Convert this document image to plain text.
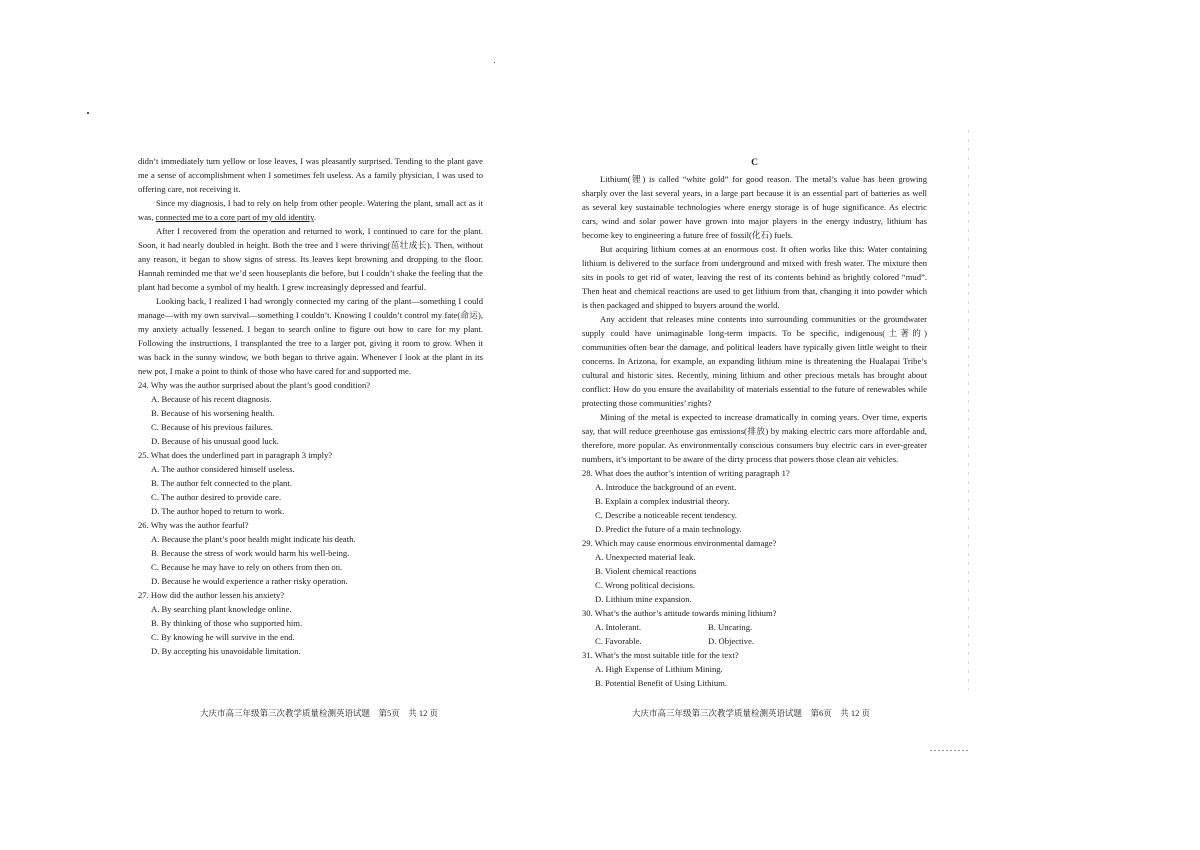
didn’t immediately turn yellow or lose leaves, I was pleasantly surprised. Tending to the plant gave me a sense of accomplishment when I sometimes felt useless. As a family physician, I was used to offering care, not receiving it.

Since my diagnosis, I had to rely on help from other people. Watering the plant, small act as it was, connected me to a core part of my old identity.

After I recovered from the operation and returned to work, I continued to care for the plant. Soon, it had nearly doubled in height. Both the tree and I were thriving(茁壮成长). Then, without any reason, it began to show signs of stress. Its leaves kept browning and dropping to the floor. Hannah reminded me that we’d seen houseplants die before, but I couldn’t shake the feeling that the plant had become a symbol of my health. I grew increasingly depressed and fearful.

Looking back, I realized I had wrongly connected my caring of the plant—something I could manage—with my own survival—something I couldn’t. Knowing I couldn’t control my fate(命运), my anxiety actually lessened. I began to search online to figure out how to care for my plant. Following the instructions, I transplanted the tree to a larger pot, giving it room to grow. When it was back in the sunny window, we both began to thrive again. Whenever I look at the plant in its new pot, I make a point to think of those who have cared for and supported me.

24. Why was the author surprised about the plant’s good condition?

A. Because of his recent diagnosis.

B. Because of his worsening health.

C. Because of his previous failures.

D. Because of his unusual good luck.

25. What does the underlined part in paragraph 3 imply?

A. The author considered himself useless.

B. The author felt connected to the plant.

C. The author desired to provide care.

D. The author hoped to return to work.

26. Why was the author fearful?

A. Because the plant’s poor health might indicate his death.

B. Because the stress of work would harm his well-being.

C. Because he may have to rely on others from then on.

D. Because he would experience a rather risky operation.

27. How did the author lessen his anxiety?

A. By searching plant knowledge online.

B. By thinking of those who supported him.

C. By knowing he will survive in the end.

D. By accepting his unavoidable limitation.

大庆市高三年级第三次教学质量检测英语试题　第5页　共 12 页

C

Lithium(锂) is called “white gold” for good reason. The metal’s value has been growing sharply over the last several years, in a large part because it is an essential part of batteries as well as several key sustainable technologies where energy storage is of huge significance. As electric cars, wind and solar power have grown into major players in the energy industry, lithium has become key to engineering a future free of fossil(化石) fuels.

But acquiring lithium comes at an enormous cost. It often works like this: Water containing lithium is delivered to the surface from underground and mixed with fresh water. The mixture then sits in pools to get rid of water, leaving the rest of its contents behind as brightly colored “mud”. Then heat and chemical reactions are used to get lithium from that, changing it into powder which is then packaged and shipped to buyers around the world.

Any accident that releases mine contents into surrounding communities or the groundwater supply could have unimaginable long-term impacts. To be specific, indigenous(土著的) communities often bear the damage, and political leaders have typically given little weight to their concerns. In Arizona, for example, an expanding lithium mine is threatening the Hualapai Tribe’s cultural and historic sites. Recently, mining lithium and other precious metals has brought about conflict: How do you ensure the availability of materials essential to the future of renewables while protecting those communities’ rights?

Mining of the metal is expected to increase dramatically in coming years. Over time, experts say, that will reduce greenhouse gas emissions(排放) by making electric cars more affordable and, therefore, more popular. As environmentally conscious consumers buy electric cars in ever-greater numbers, it’s important to be aware of the dirty process that powers those clean air vehicles.

28. What does the author’s intention of writing paragraph 1?

A. Introduce the background of an event.

B. Explain a complex industrial theory.

C. Describe a noticeable recent tendency.

D. Predict the future of a main technology.

29. Which may cause enormous environmental damage?

A. Unexpected material leak.

B. Violent chemical reactions

C. Wrong political decisions.

D. Lithium mine expansion.

30. What’s the author’s attitude towards mining lithium?

A. Intolerant.	B. Uncaring.
C. Favorable.	D. Objective.

31. What’s the most suitable title for the text?

A. High Expense of Lithium Mining.

B. Potential Benefit of Using Lithium.

大庆市高三年级第三次教学质量检测英语试题　第6页　共 12 页
